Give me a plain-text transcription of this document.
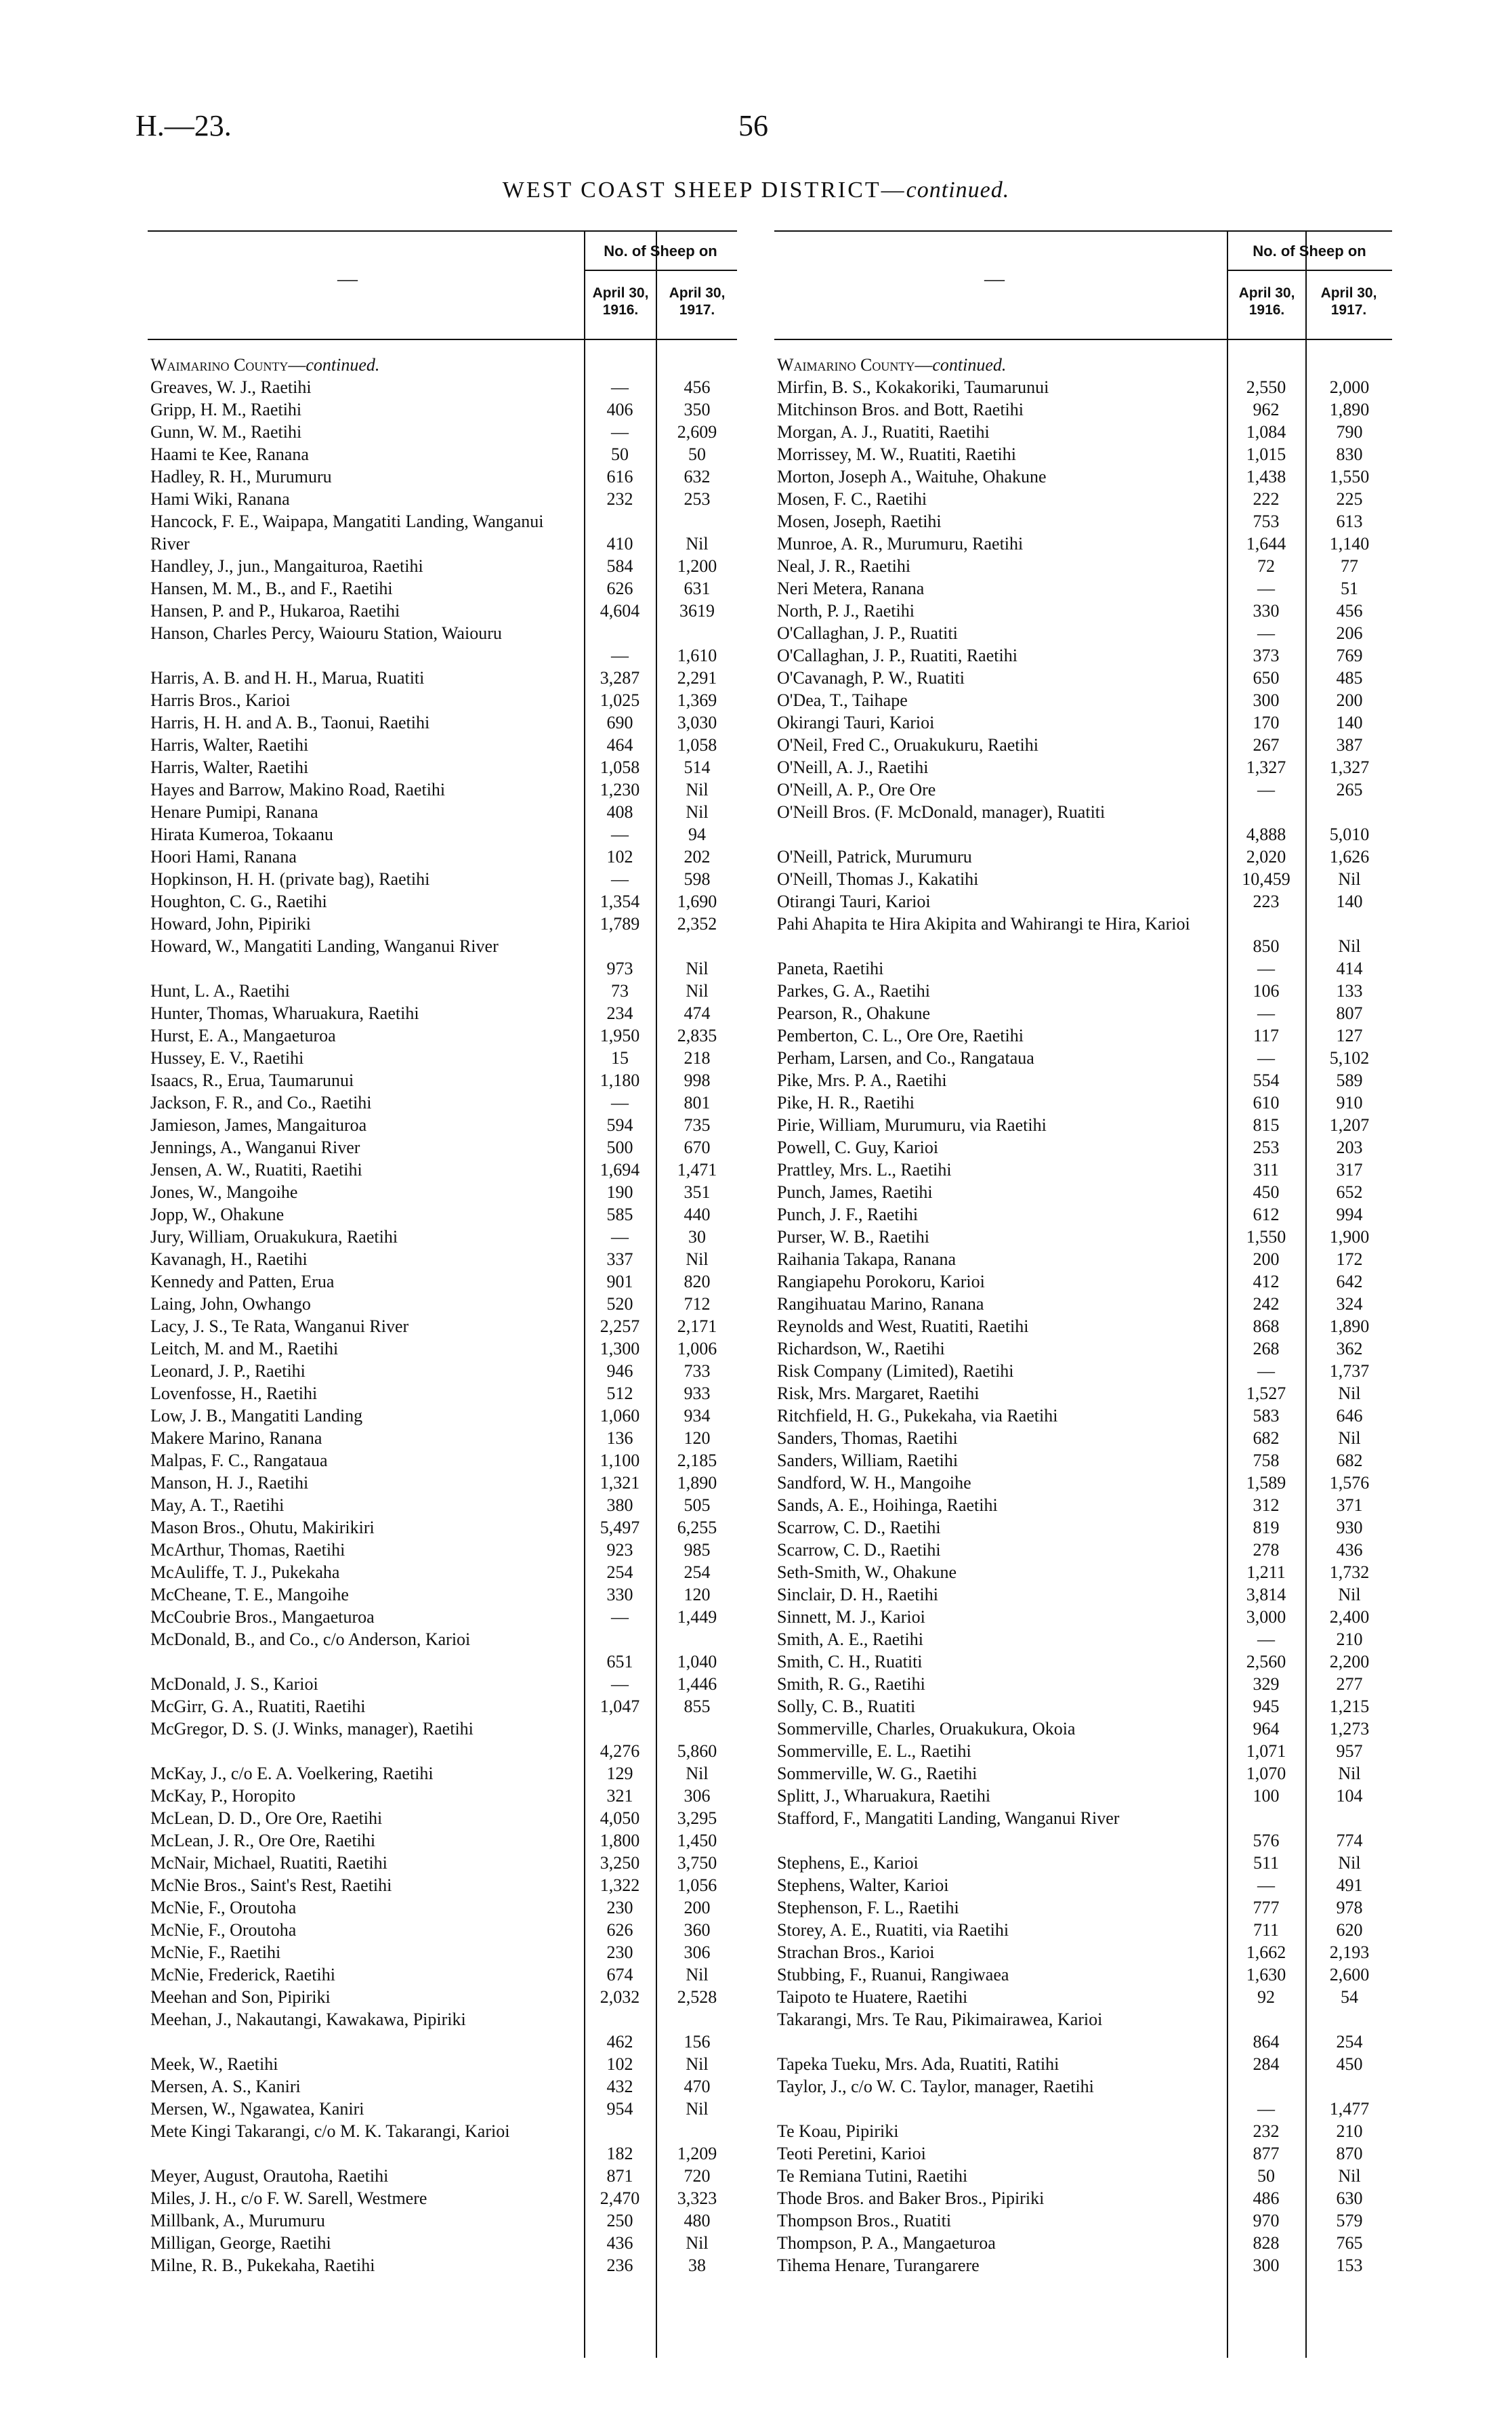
H.—23.	56
WEST COAST SHEEP DISTRICT—continued.
—
No. of Sheep on
April 30, 1916.
April 30, 1917.
Waimarino County—continued.
Greaves, W. J., Raetihi	—	456
Gripp, H. M., Raetihi	406	350
Gunn, W. M., Raetihi	—	2,609
Haami te Kee, Ranana	50	50
Hadley, R. H., Murumuru	616	632
Hami Wiki, Ranana	232	253
Hancock, F. E., Waipapa, Mangatiti Landing, Wanganui River	410	Nil
Handley, J., jun., Mangaituroa, Raetihi	584	1,200
Hansen, M. M., B., and F., Raetihi	626	631
Hansen, P. and P., Hukaroa, Raetihi	4,604	3619
Hanson, Charles Percy, Waiouru Station, Waiouru
—	1,610
Harris, A. B. and H. H., Marua, Ruatiti	3,287	2,291
Harris Bros., Karioi	1,025	1,369
Harris, H. H. and A. B., Taonui, Raetihi	690	3,030
Harris, Walter, Raetihi	464	1,058
Harris, Walter, Raetihi	1,058	514
Hayes and Barrow, Makino Road, Raetihi	1,230	Nil
Henare Pumipi, Ranana	408	Nil
Hirata Kumeroa, Tokaanu	—	94
Hoori Hami, Ranana	102	202
Hopkinson, H. H. (private bag), Raetihi	—	598
Houghton, C. G., Raetihi	1,354	1,690
Howard, John, Pipiriki	1,789	2,352
Howard, W., Mangatiti Landing, Wanganui River
973	Nil
Hunt, L. A., Raetihi	73	Nil
Hunter, Thomas, Wharuakura, Raetihi	234	474
Hurst, E. A., Mangaeturoa	1,950	2,835
Hussey, E. V., Raetihi	15	218
Isaacs, R., Erua, Taumarunui	1,180	998
Jackson, F. R., and Co., Raetihi	—	801
Jamieson, James, Mangaituroa	594	735
Jennings, A., Wanganui River	500	670
Jensen, A. W., Ruatiti, Raetihi	1,694	1,471
Jones, W., Mangoihe	190	351
Jopp, W., Ohakune	585	440
Jury, William, Oruakukura, Raetihi	—	30
Kavanagh, H., Raetihi	337	Nil
Kennedy and Patten, Erua	901	820
Laing, John, Owhango	520	712
Lacy, J. S., Te Rata, Wanganui River	2,257	2,171
Leitch, M. and M., Raetihi	1,300	1,006
Leonard, J. P., Raetihi	946	733
Lovenfosse, H., Raetihi	512	933
Low, J. B., Mangatiti Landing	1,060	934
Makere Marino, Ranana	136	120
Malpas, F. C., Rangataua	1,100	2,185
Manson, H. J., Raetihi	1,321	1,890
May, A. T., Raetihi	380	505
Mason Bros., Ohutu, Makirikiri	5,497	6,255
McArthur, Thomas, Raetihi	923	985
McAuliffe, T. J., Pukekaha	254	254
McCheane, T. E., Mangoihe	330	120
McCoubrie Bros., Mangaeturoa	—	1,449
McDonald, B., and Co., c/o Anderson, Karioi
651	1,040
McDonald, J. S., Karioi	—	1,446
McGirr, G. A., Ruatiti, Raetihi	1,047	855
McGregor, D. S. (J. Winks, manager), Raetihi
4,276	5,860
McKay, J., c/o E. A. Voelkering, Raetihi	129	Nil
McKay, P., Horopito	321	306
McLean, D. D., Ore Ore, Raetihi	4,050	3,295
McLean, J. R., Ore Ore, Raetihi	1,800	1,450
McNair, Michael, Ruatiti, Raetihi	3,250	3,750
McNie Bros., Saint's Rest, Raetihi	1,322	1,056
McNie, F., Oroutoha	230	200
McNie, F., Oroutoha	626	360
McNie, F., Raetihi	230	306
McNie, Frederick, Raetihi	674	Nil
Meehan and Son, Pipiriki	2,032	2,528
Meehan, J., Nakautangi, Kawakawa, Pipiriki
462	156
Meek, W., Raetihi	102	Nil
Mersen, A. S., Kaniri	432	470
Mersen, W., Ngawatea, Kaniri	954	Nil
Mete Kingi Takarangi, c/o M. K. Takarangi, Karioi
182	1,209
Meyer, August, Orautoha, Raetihi	871	720
Miles, J. H., c/o F. W. Sarell, Westmere	2,470	3,323
Millbank, A., Murumuru	250	480
Milligan, George, Raetihi	436	Nil
Milne, R. B., Pukekaha, Raetihi	236	38
—
No. of Sheep on
April 30, 1916.
April 30, 1917.
Waimarino County—continued.
Mirfin, B. S., Kokakoriki, Taumarunui	2,550	2,000
Mitchinson Bros. and Bott, Raetihi	962	1,890
Morgan, A. J., Ruatiti, Raetihi	1,084	790
Morrissey, M. W., Ruatiti, Raetihi	1,015	830
Morton, Joseph A., Waituhe, Ohakune	1,438	1,550
Mosen, F. C., Raetihi	222	225
Mosen, Joseph, Raetihi	753	613
Munroe, A. R., Murumuru, Raetihi	1,644	1,140
Neal, J. R., Raetihi	72	77
Neri Metera, Ranana	—	51
North, P. J., Raetihi	330	456
O'Callaghan, J. P., Ruatiti	—	206
O'Callaghan, J. P., Ruatiti, Raetihi	373	769
O'Cavanagh, P. W., Ruatiti	650	485
O'Dea, T., Taihape	300	200
Okirangi Tauri, Karioi	170	140
O'Neil, Fred C., Oruakukuru, Raetihi	267	387
O'Neill, A. J., Raetihi	1,327	1,327
O'Neill, A. P., Ore Ore	—	265
O'Neill Bros. (F. McDonald, manager), Ruatiti
4,888	5,010
O'Neill, Patrick, Murumuru	2,020	1,626
O'Neill, Thomas J., Kakatihi	10,459	Nil
Otirangi Tauri, Karioi	223	140
Pahi Ahapita te Hira Akipita and Wahirangi te Hira, Karioi
850	Nil
Paneta, Raetihi	—	414
Parkes, G. A., Raetihi	106	133
Pearson, R., Ohakune	—	807
Pemberton, C. L., Ore Ore, Raetihi	117	127
Perham, Larsen, and Co., Rangataua	—	5,102
Pike, Mrs. P. A., Raetihi	554	589
Pike, H. R., Raetihi	610	910
Pirie, William, Murumuru, via Raetihi	815	1,207
Powell, C. Guy, Karioi	253	203
Prattley, Mrs. L., Raetihi	311	317
Punch, James, Raetihi	450	652
Punch, J. F., Raetihi	612	994
Purser, W. B., Raetihi	1,550	1,900
Raihania Takapa, Ranana	200	172
Rangiapehu Porokoru, Karioi	412	642
Rangihuatau Marino, Ranana	242	324
Reynolds and West, Ruatiti, Raetihi	868	1,890
Richardson, W., Raetihi	268	362
Risk Company (Limited), Raetihi	—	1,737
Risk, Mrs. Margaret, Raetihi	1,527	Nil
Ritchfield, H. G., Pukekaha, via Raetihi	583	646
Sanders, Thomas, Raetihi	682	Nil
Sanders, William, Raetihi	758	682
Sandford, W. H., Mangoihe	1,589	1,576
Sands, A. E., Hoihinga, Raetihi	312	371
Scarrow, C. D., Raetihi	819	930
Scarrow, C. D., Raetihi	278	436
Seth-Smith, W., Ohakune	1,211	1,732
Sinclair, D. H., Raetihi	3,814	Nil
Sinnett, M. J., Karioi	3,000	2,400
Smith, A. E., Raetihi	—	210
Smith, C. H., Ruatiti	2,560	2,200
Smith, R. G., Raetihi	329	277
Solly, C. B., Ruatiti	945	1,215
Sommerville, Charles, Oruakukura, Okoia	964	1,273
Sommerville, E. L., Raetihi	1,071	957
Sommerville, W. G., Raetihi	1,070	Nil
Splitt, J., Wharuakura, Raetihi	100	104
Stafford, F., Mangatiti Landing, Wanganui River
576	774
Stephens, E., Karioi	511	Nil
Stephens, Walter, Karioi	—	491
Stephenson, F. L., Raetihi	777	978
Storey, A. E., Ruatiti, via Raetihi	711	620
Strachan Bros., Karioi	1,662	2,193
Stubbing, F., Ruanui, Rangiwaea	1,630	2,600
Taipoto te Huatere, Raetihi	92	54
Takarangi, Mrs. Te Rau, Pikimairawea, Karioi
864	254
Tapeka Tueku, Mrs. Ada, Ruatiti, Ratihi	284	450
Taylor, J., c/o W. C. Taylor, manager, Raetihi
—	1,477
Te Koau, Pipiriki	232	210
Teoti Peretini, Karioi	877	870
Te Remiana Tutini, Raetihi	50	Nil
Thode Bros. and Baker Bros., Pipiriki	486	630
Thompson Bros., Ruatiti	970	579
Thompson, P. A., Mangaeturoa	828	765
Tihema Henare, Turangarere	300	153
